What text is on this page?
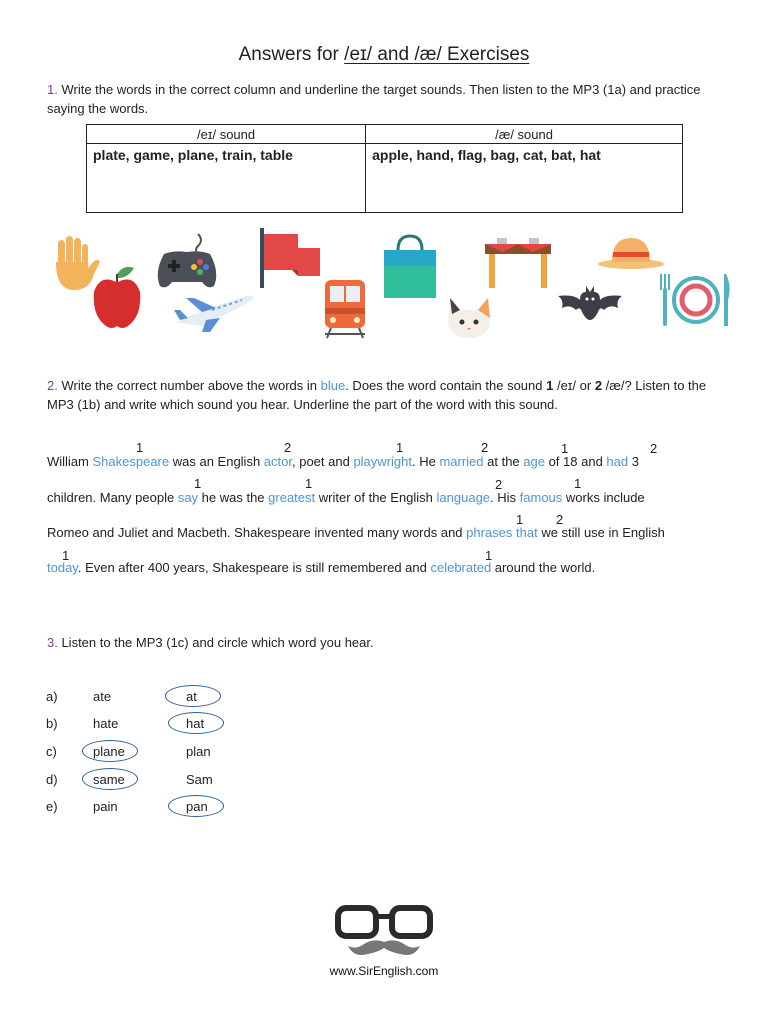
Answers for /eɪ/ and /æ/ Exercises
1. Write the words in the correct column and underline the target sounds. Then listen to the MP3 (1a) and practice saying the words.
/eɪ/ sound	/æ/ sound
plate, game, plane, train, table	apple, hand, flag, bag, cat, bat, hat
2. Write the correct number above the words in blue. Does the word contain the sound 1 /eɪ/ or 2 /æ/? Listen to the MP3 (1b) and write which sound you hear. Underline the part of the word with this sound.
1	2	1	2	1	2
1	1	2	1
1	2
1	1
William Shakespeare was an English actor, poet and playwright. He married at the age of 18 and had 3
children. Many people say he was the greatest writer of the English language. His famous works include
Romeo and Juliet and Macbeth. Shakespeare invented many words and phrases that we still use in English
today. Even after 400 years, Shakespeare is still remembered and celebrated around the world.
3. Listen to the MP3 (1c) and circle which word you hear.
a)	ate	at
b)	hate	hat
c)	plane	plan
d)	same	Sam
e)	pain	pan
www.SirEnglish.com
